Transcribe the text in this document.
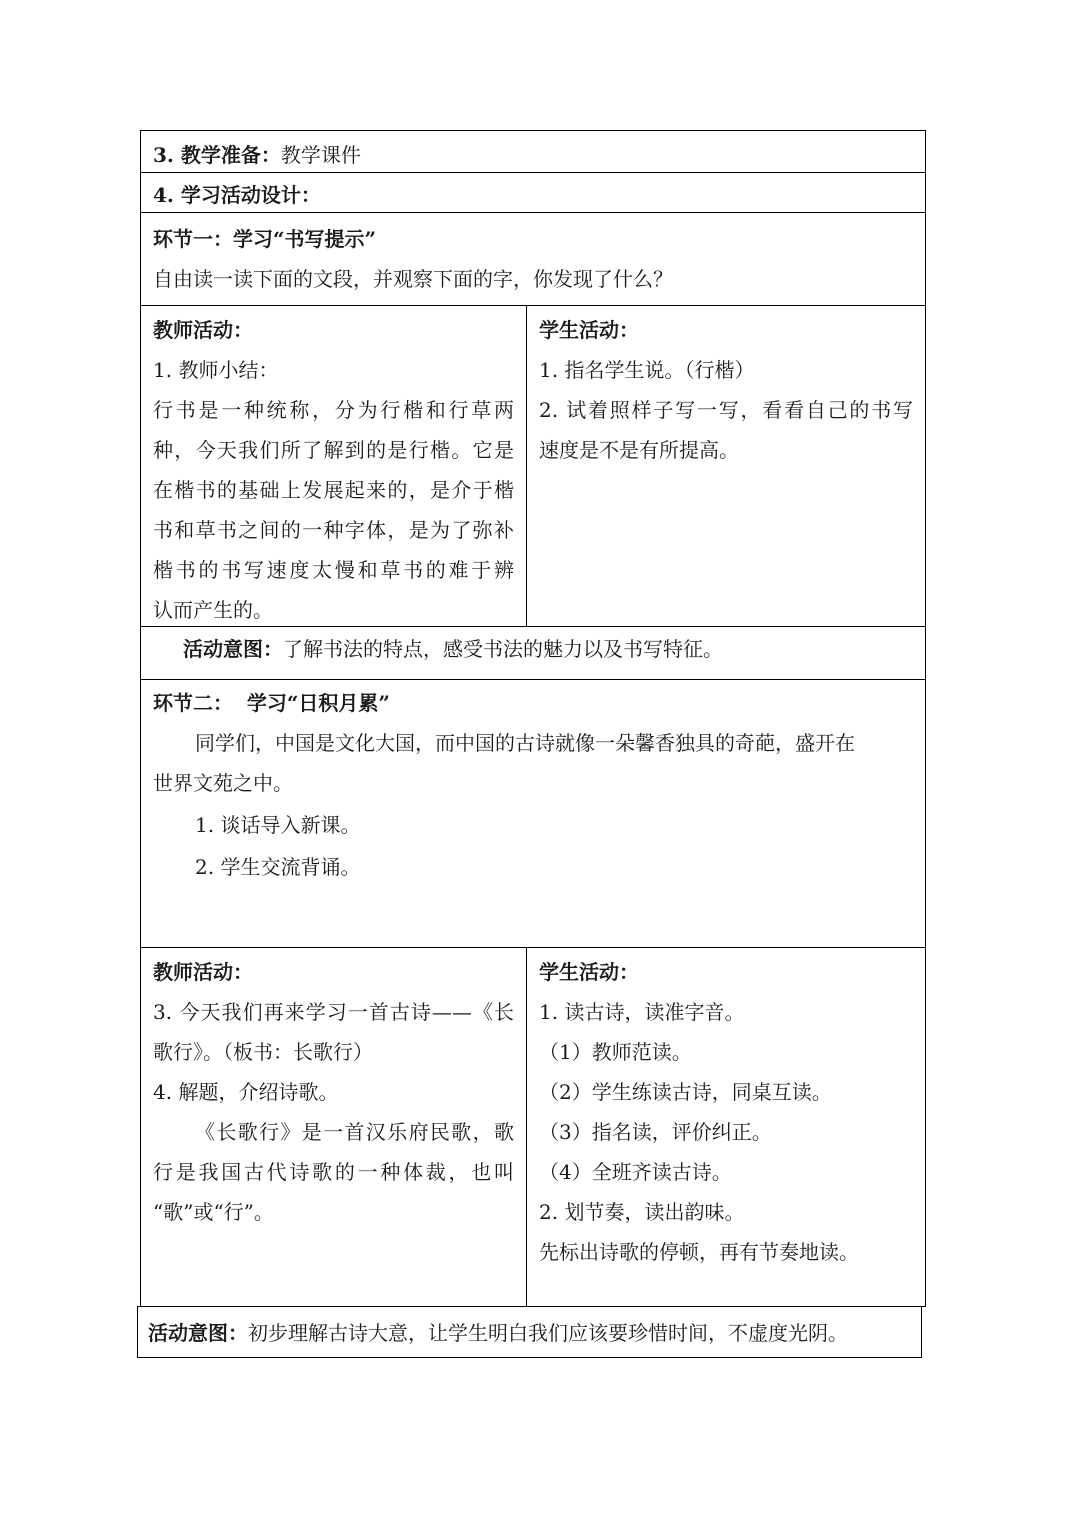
3. 教学准备：教学课件
4. 学习活动设计：
环节一：学习“书写提示”
自由读一读下面的文段，并观察下面的字，你发现了什么？
教师活动：
1. 教师小结：
行书是一种统称，分为行楷和行草两
种，今天我们所了解到的是行楷。它是
在楷书的基础上发展起来的，是介于楷
书和草书之间的一种字体，是为了弥补
楷书的书写速度太慢和草书的难于辨
认而产生的。
学生活动：
1. 指名学生说。（行楷）
2. 试着照样子写一写，看看自己的书写
速度是不是有所提高。
活动意图：了解书法的特点，感受书法的魅力以及书写特征。
环节二：  学习“日积月累”
同学们，中国是文化大国，而中国的古诗就像一朵馨香独具的奇葩，盛开在
世界文苑之中。
1. 谈话导入新课。
2. 学生交流背诵。
教师活动：
3. 今天我们再来学习一首古诗——《长
歌行》。（板书：长歌行）
4. 解题，介绍诗歌。
《长歌行》是一首汉乐府民歌，歌
行是我国古代诗歌的一种体裁，也叫
“歌”或“行”。
学生活动：
1. 读古诗，读准字音。
（1）教师范读。
（2）学生练读古诗，同桌互读。
（3）指名读，评价纠正。
（4）全班齐读古诗。
2. 划节奏，读出韵味。
先标出诗歌的停顿，再有节奏地读。
活动意图：初步理解古诗大意，让学生明白我们应该要珍惜时间，不虚度光阴。
